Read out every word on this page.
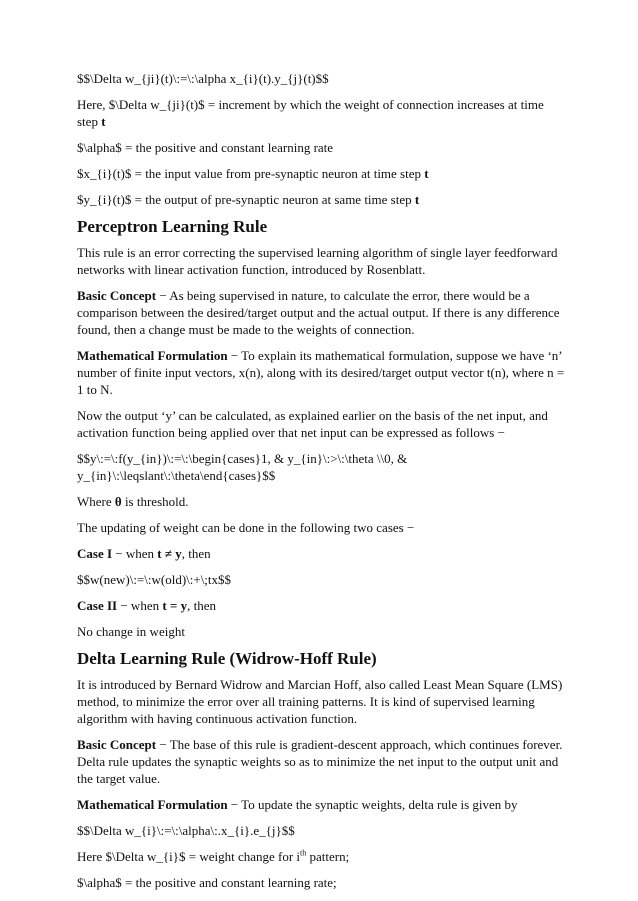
$$\Delta w_{ji}(t)\:=\:\alpha x_{i}(t).y_{j}(t)$$

Here, $\Delta w_{ji}(t)$ = increment by which the weight of connection increases at time step t

$\alpha$ = the positive and constant learning rate

$x_{i}(t)$ = the input value from pre-synaptic neuron at time step t

$y_{i}(t)$ = the output of pre-synaptic neuron at same time step t

Perceptron Learning Rule

This rule is an error correcting the supervised learning algorithm of single layer feedforward networks with linear activation function, introduced by Rosenblatt.

Basic Concept − As being supervised in nature, to calculate the error, there would be a comparison between the desired/target output and the actual output. If there is any difference found, then a change must be made to the weights of connection.

Mathematical Formulation − To explain its mathematical formulation, suppose we have ‘n’ number of finite input vectors, x(n), along with its desired/target output vector t(n), where n = 1 to N.

Now the output ‘y’ can be calculated, as explained earlier on the basis of the net input, and activation function being applied over that net input can be expressed as follows −

$$y\:=\:f(y_{in})\:=\:\begin{cases}1, & y_{in}\:>\:\theta \\0, & y_{in}\:\leqslant\:\theta\end{cases}$$

Where θ is threshold.

The updating of weight can be done in the following two cases −

Case I − when t ≠ y, then

$$w(new)\:=\:w(old)\:+\;tx$$

Case II − when t = y, then

No change in weight

Delta Learning Rule (Widrow-Hoff Rule)

It is introduced by Bernard Widrow and Marcian Hoff, also called Least Mean Square (LMS) method, to minimize the error over all training patterns. It is kind of supervised learning algorithm with having continuous activation function.

Basic Concept − The base of this rule is gradient-descent approach, which continues forever. Delta rule updates the synaptic weights so as to minimize the net input to the output unit and the target value.

Mathematical Formulation − To update the synaptic weights, delta rule is given by

$$\Delta w_{i}\:=\:\alpha\:.x_{i}.e_{j}$$

Here $\Delta w_{i}$ = weight change for $i^{th}$ pattern;

$\alpha$ = the positive and constant learning rate;
